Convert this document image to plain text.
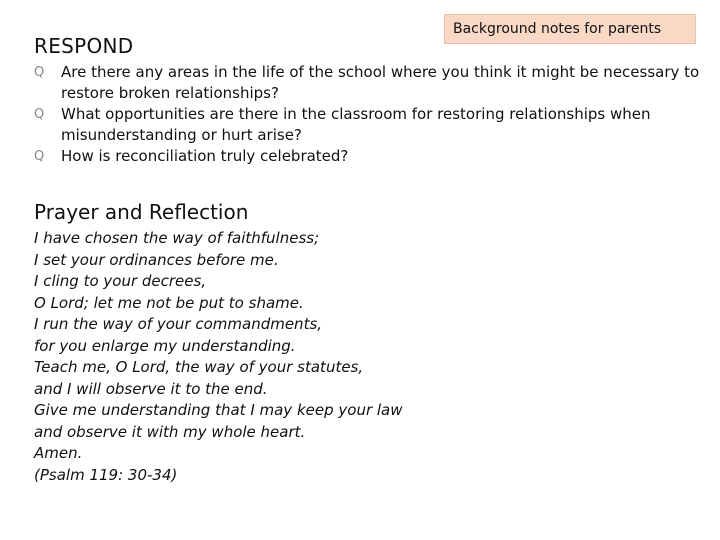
Background notes for parents
RESPOND
Q Are there any areas in the life of the school where you think it might be necessary to restore broken relationships?
Q What opportunities are there in the classroom for restoring relationships when misunderstanding or hurt arise?
Q How is reconciliation truly celebrated?
Prayer and Reflection
I have chosen the way of faithfulness;
I set your ordinances before me.
I cling to your decrees,
O Lord; let me not be put to shame.
I run the way of your commandments,
for you enlarge my understanding.
Teach me, O Lord, the way of your statutes,
and I will observe it to the end.
Give me understanding that I may keep your law
and observe it with my whole heart.
Amen.
(Psalm 119: 30-34)
